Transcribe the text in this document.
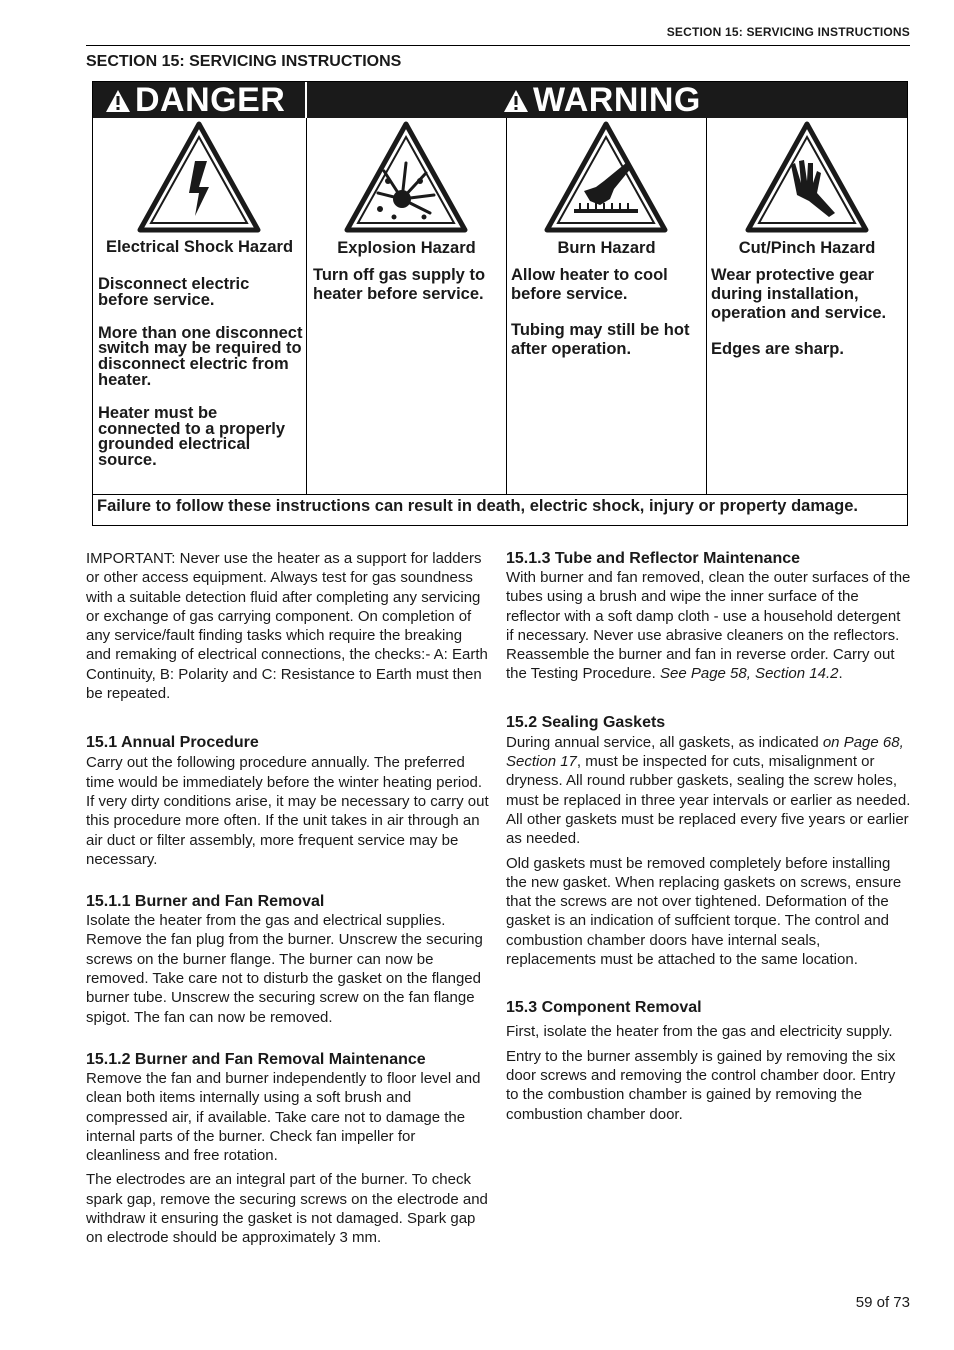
SECTION 15: SERVICING INSTRUCTIONS
SECTION 15: SERVICING INSTRUCTIONS
DANGER	WARNING
Electrical Shock Hazard

Disconnect electric before service.

More than one disconnect switch may be required to disconnect electric from heater.

Heater must be connected to a properly grounded electrical source.

Explosion Hazard

Turn off gas supply to heater before service.

Burn Hazard

Allow heater to cool before service.

Tubing may still be hot after operation.

Cut/Pinch Hazard

Wear protective gear during installation, operation and service.

Edges are sharp.

Failure to follow these instructions can result in death, electric shock, injury or property damage.

IMPORTANT: Never use the heater as a support for ladders or other access equipment. Always test for gas soundness with a suitable detection fluid after completing any servicing or exchange of gas carrying component. On completion of any service/fault finding tasks which require the breaking and remaking of electrical connections, the checks:- A: Earth Continuity, B: Polarity and C: Resistance to Earth must then be repeated.

15.1 Annual Procedure

Carry out the following procedure annually. The preferred time would be immediately before the winter heating period. If very dirty conditions arise, it may be necessary to carry out this procedure more often. If the unit takes in air through an air duct or filter assembly, more frequent service may be necessary.

15.1.1 Burner and Fan Removal

Isolate the heater from the gas and electrical supplies. Remove the fan plug from the burner. Unscrew the securing screws on the burner flange. The burner can now be removed. Take care not to disturb the gasket on the flanged burner tube. Unscrew the securing screw on the fan flange spigot. The fan can now be removed.

15.1.2 Burner and Fan Removal Maintenance

Remove the fan and burner independently to floor level and clean both items internally using a soft brush and compressed air, if available. Take care not to damage the internal parts of the burner. Check fan impeller for cleanliness and free rotation.

The electrodes are an integral part of the burner. To check spark gap, remove the securing screws on the electrode and withdraw it ensuring the gasket is not damaged. Spark gap on electrode should be approximately 3 mm.

15.1.3 Tube and Reflector Maintenance

With burner and fan removed, clean the outer surfaces of the tubes using a brush and wipe the inner surface of the reflector with a soft damp cloth - use a household detergent if necessary. Never use abrasive cleaners on the reflectors. Reassemble the burner and fan in reverse order. Carry out the Testing Procedure. See Page 58, Section 14.2.

15.2 Sealing Gaskets

During annual service, all gaskets, as indicated on Page 68, Section 17, must be inspected for cuts, misalignment or dryness. All round rubber gaskets, sealing the screw holes, must be replaced in three year intervals or earlier as needed. All other gaskets must be replaced every five years or earlier as needed.

Old gaskets must be removed completely before installing the new gasket. When replacing gaskets on screws, ensure that the screws are not over tightened. Deformation of the gasket is an indication of suffcient torque. The control and combustion chamber doors have internal seals, replacements must be attached to the same location.

15.3 Component Removal

First, isolate the heater from the gas and electricity supply.

Entry to the burner assembly is gained by removing the six door screws and removing the control chamber door. Entry to the combustion chamber is gained by removing the combustion chamber door.

59 of 73
